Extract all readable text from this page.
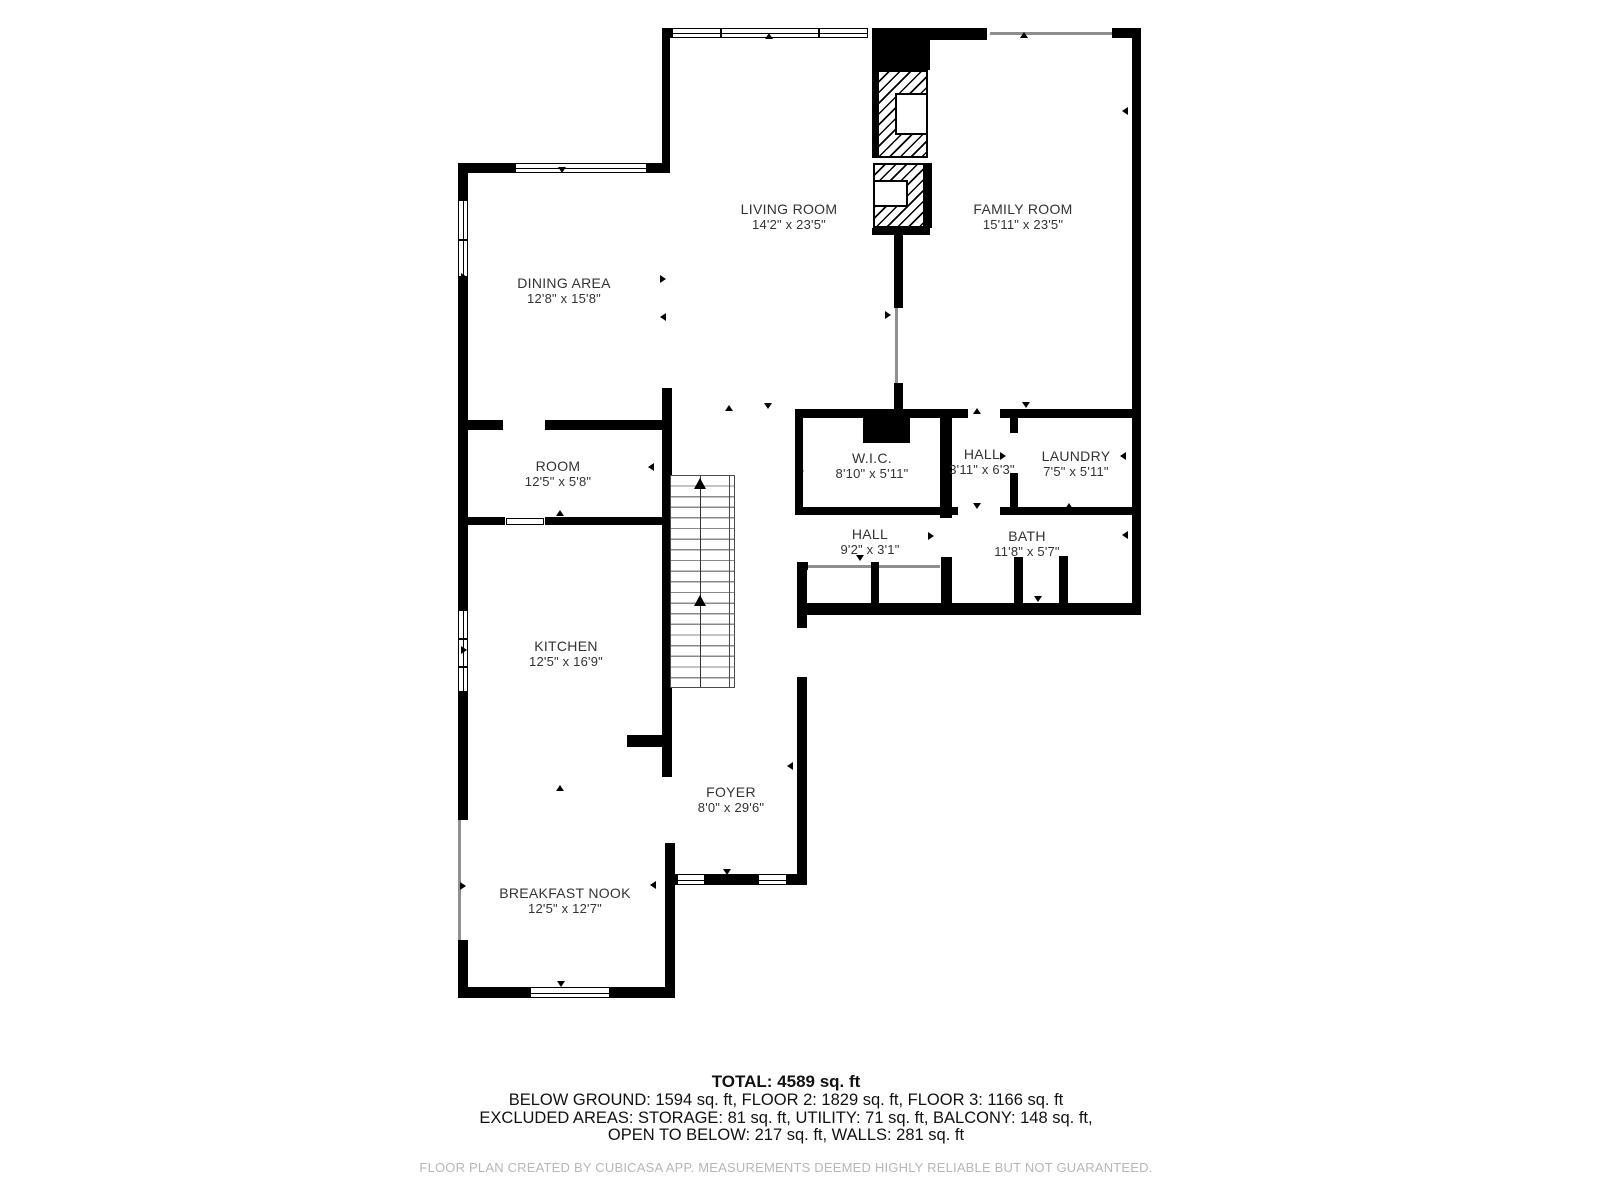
LIVING ROOM
14'2" x 23'5"
FAMILY ROOM
15'11" x 23'5"
DINING AREA
12'8" x 15'8"
ROOM
12'5" x 5'8"
W.I.C.
8'10" x 5'11"
HALL
3'11" x 6'3"
LAUNDRY
7'5" x 5'11"
HALL
9'2" x 3'1"
BATH
11'8" x 5'7"
KITCHEN
12'5" x 16'9"
FOYER
8'0" x 29'6"
BREAKFAST NOOK
12'5" x 12'7"
TOTAL: 4589 sq. ft
BELOW GROUND: 1594 sq. ft, FLOOR 2: 1829 sq. ft, FLOOR 3: 1166 sq. ft
EXCLUDED AREAS: STORAGE: 81 sq. ft, UTILITY: 71 sq. ft, BALCONY: 148 sq. ft,
OPEN TO BELOW: 217 sq. ft, WALLS: 281 sq. ft
FLOOR PLAN CREATED BY CUBICASA APP. MEASUREMENTS DEEMED HIGHLY RELIABLE BUT NOT GUARANTEED.
